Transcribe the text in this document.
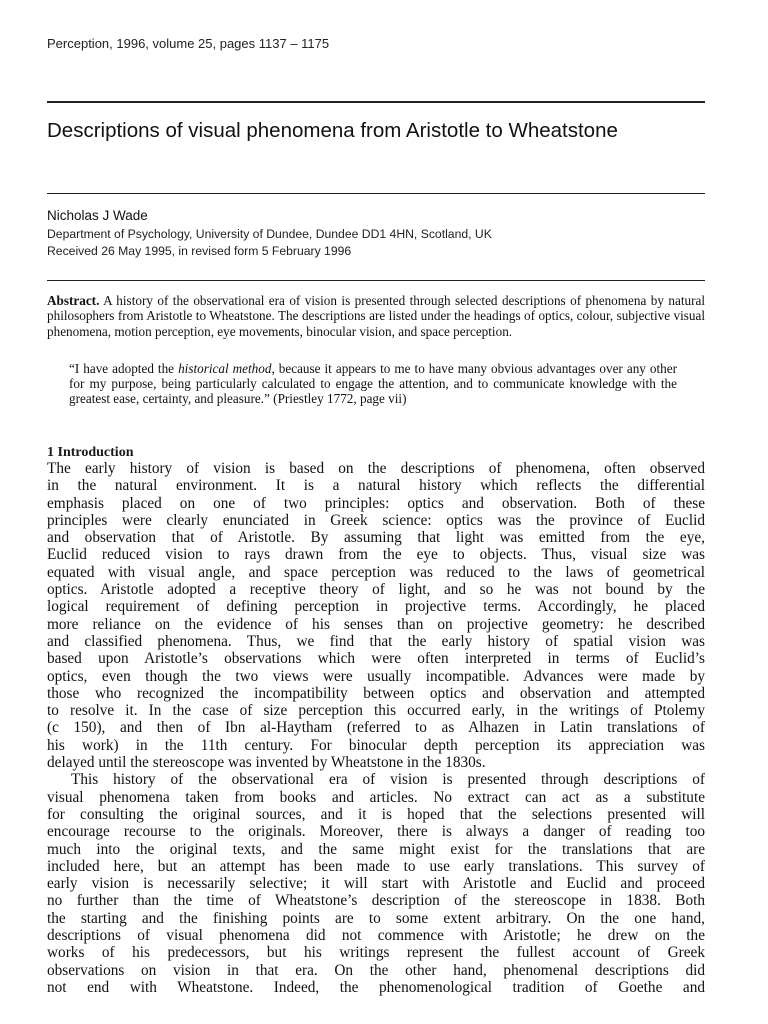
Perception, 1996, volume 25, pages 1137 – 1175
Descriptions of visual phenomena from Aristotle to Wheatstone
Nicholas J Wade
Department of Psychology, University of Dundee, Dundee DD1 4HN, Scotland, UK
Received 26 May 1995, in revised form 5 February 1996
Abstract. A history of the observational era of vision is presented through selected descriptions of phenomena by natural philosophers from Aristotle to Wheatstone. The descriptions are listed under the headings of optics, colour, subjective visual phenomena, motion perception, eye movements, binocular vision, and space perception.
“I have adopted the historical method, because it appears to me to have many obvious advantages over any other for my purpose, being particularly calculated to engage the attention, and to communicate knowledge with the greatest ease, certainty, and pleasure.” (Priestley 1772, page vii)
1 Introduction
The early history of vision is based on the descriptions of phenomena, often observed
in the natural environment. It is a natural history which reflects the differential
emphasis placed on one of two principles: optics and observation. Both of these
principles were clearly enunciated in Greek science: optics was the province of Euclid
and observation that of Aristotle. By assuming that light was emitted from the eye,
Euclid reduced vision to rays drawn from the eye to objects. Thus, visual size was
equated with visual angle, and space perception was reduced to the laws of geometrical
optics. Aristotle adopted a receptive theory of light, and so he was not bound by the
logical requirement of defining perception in projective terms. Accordingly, he placed
more reliance on the evidence of his senses than on projective geometry: he described
and classified phenomena. Thus, we find that the early history of spatial vision was
based upon Aristotle’s observations which were often interpreted in terms of Euclid’s
optics, even though the two views were usually incompatible. Advances were made by
those who recognized the incompatibility between optics and observation and attempted
to resolve it. In the case of size perception this occurred early, in the writings of Ptolemy
(c 150), and then of Ibn al-Haytham (referred to as Alhazen in Latin translations of
his work) in the 11th century. For binocular depth perception its appreciation was
delayed until the stereoscope was invented by Wheatstone in the 1830s.
This history of the observational era of vision is presented through descriptions of
visual phenomena taken from books and articles. No extract can act as a substitute
for consulting the original sources, and it is hoped that the selections presented will
encourage recourse to the originals. Moreover, there is always a danger of reading too
much into the original texts, and the same might exist for the translations that are
included here, but an attempt has been made to use early translations. This survey of
early vision is necessarily selective; it will start with Aristotle and Euclid and proceed
no further than the time of Wheatstone’s description of the stereoscope in 1838. Both
the starting and the finishing points are to some extent arbitrary. On the one hand,
descriptions of visual phenomena did not commence with Aristotle; he drew on the
works of his predecessors, but his writings represent the fullest account of Greek
observations on vision in that era. On the other hand, phenomenal descriptions did
not end with Wheatstone. Indeed, the phenomenological tradition of Goethe and
